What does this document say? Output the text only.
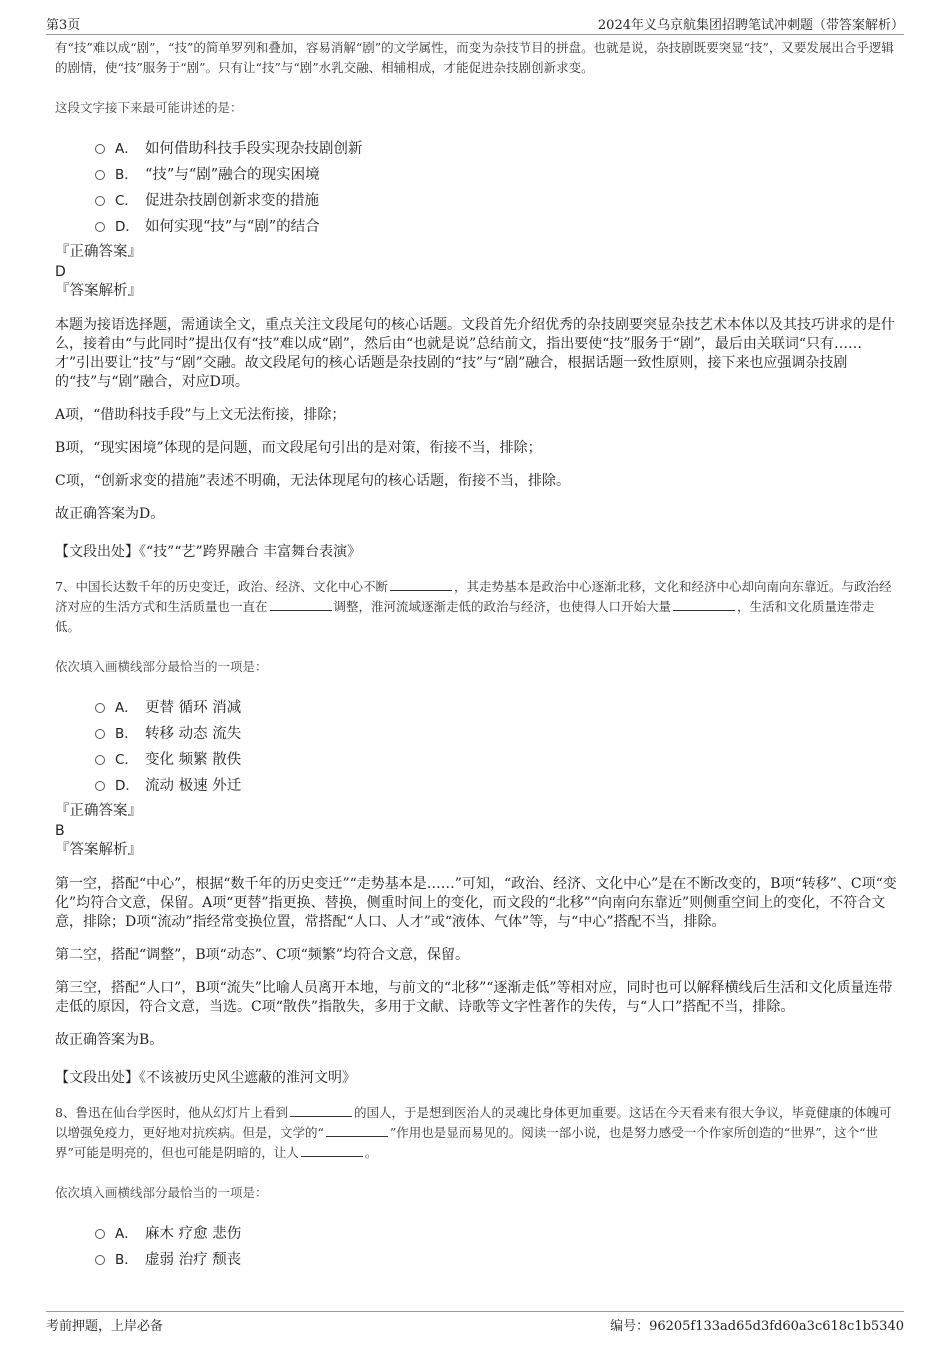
第3页	2024年义乌京航集团招聘笔试冲刺题（带答案解析）

有“技”难以成“剧”，“技”的简单罗列和叠加，容易消解“剧”的文学属性，而变为杂技节目的拼盘。也就是说，杂技剧既要突显“技”，又要发展出合乎逻辑的剧情，使“技”服务于“剧”。只有让“技”与“剧”水乳交融、相辅相成，才能促进杂技剧创新求变。

这段文字接下来最可能讲述的是：

A． 如何借助科技手段实现杂技剧创新
B． “技”与“剧”融合的现实困境
C． 促进杂技剧创新求变的措施
D． 如何实现“技”与“剧”的结合

『正确答案』

D

『答案解析』

本题为接语选择题，需通读全文，重点关注文段尾句的核心话题。文段首先介绍优秀的杂技剧要突显杂技艺术本体以及其技巧讲求的是什么，接着由“与此同时”提出仅有“技”难以成“剧”，然后由“也就是说”总结前文，指出要使“技”服务于“剧”，最后由关联词“只有……才”引出要让“技”与“剧”交融。故文段尾句的核心话题是杂技剧的“技”与“剧”融合，根据话题一致性原则，接下来也应强调杂技剧的“技”与“剧”融合，对应D项。

A项，“借助科技手段”与上文无法衔接，排除；

B项，“现实困境”体现的是问题，而文段尾句引出的是对策，衔接不当，排除；

C项，“创新求变的措施”表述不明确，无法体现尾句的核心话题，衔接不当，排除。

故正确答案为D。

【文段出处】《“技”“艺”跨界融合 丰富舞台表演》

7、中国长达数千年的历史变迁，政治、经济、文化中心不断	，其走势基本是政治中心逐渐北移，文化和经济中心却向南向东靠近。与政治经济对应的生活方式和生活质量也一直在	调整，淮河流域逐渐走低的政治与经济，也使得人口开始大量	，生活和文化质量连带走低。

依次填入画横线部分最恰当的一项是：

A． 更替 循环 消减
B． 转移 动态 流失
C． 变化 频繁 散佚
D． 流动 极速 外迁

『正确答案』

B

『答案解析』

第一空，搭配“中心”，根据“数千年的历史变迁”“走势基本是……”可知，“政治、经济、文化中心”是在不断改变的，B项“转移”、C项“变化”均符合文意，保留。A项“更替”指更换、替换，侧重时间上的变化，而文段的“北移”“向南向东靠近”则侧重空间上的变化，不符合文意，排除；D项“流动”指经常变换位置，常搭配“人口、人才”或“液体、气体”等，与“中心”搭配不当，排除。

第二空，搭配“调整”，B项“动态”、C项“频繁”均符合文意，保留。

第三空，搭配“人口”，B项“流失”比喻人员离开本地，与前文的“北移”“逐渐走低”等相对应，同时也可以解释横线后生活和文化质量连带走低的原因，符合文意，当选。C项“散佚”指散失，多用于文献、诗歌等文字性著作的失传，与“人口”搭配不当，排除。

故正确答案为B。

【文段出处】《不该被历史风尘遮蔽的淮河文明》

8、鲁迅在仙台学医时，他从幻灯片上看到	的国人，于是想到医治人的灵魂比身体更加重要。这话在今天看来有很大争议，毕竟健康的体魄可以增强免疫力，更好地对抗疾病。但是，文学的“	”作用也是显而易见的。阅读一部小说，也是努力感受一个作家所创造的“世界”，这个“世界”可能是明亮的，但也可能是阴暗的，让人	。

依次填入画横线部分最恰当的一项是：

A． 麻木 疗愈 悲伤
B． 虚弱 治疗 颓丧
考前押题，上岸必备	编号：96205f133ad65d3fd60a3c618c1b5340
